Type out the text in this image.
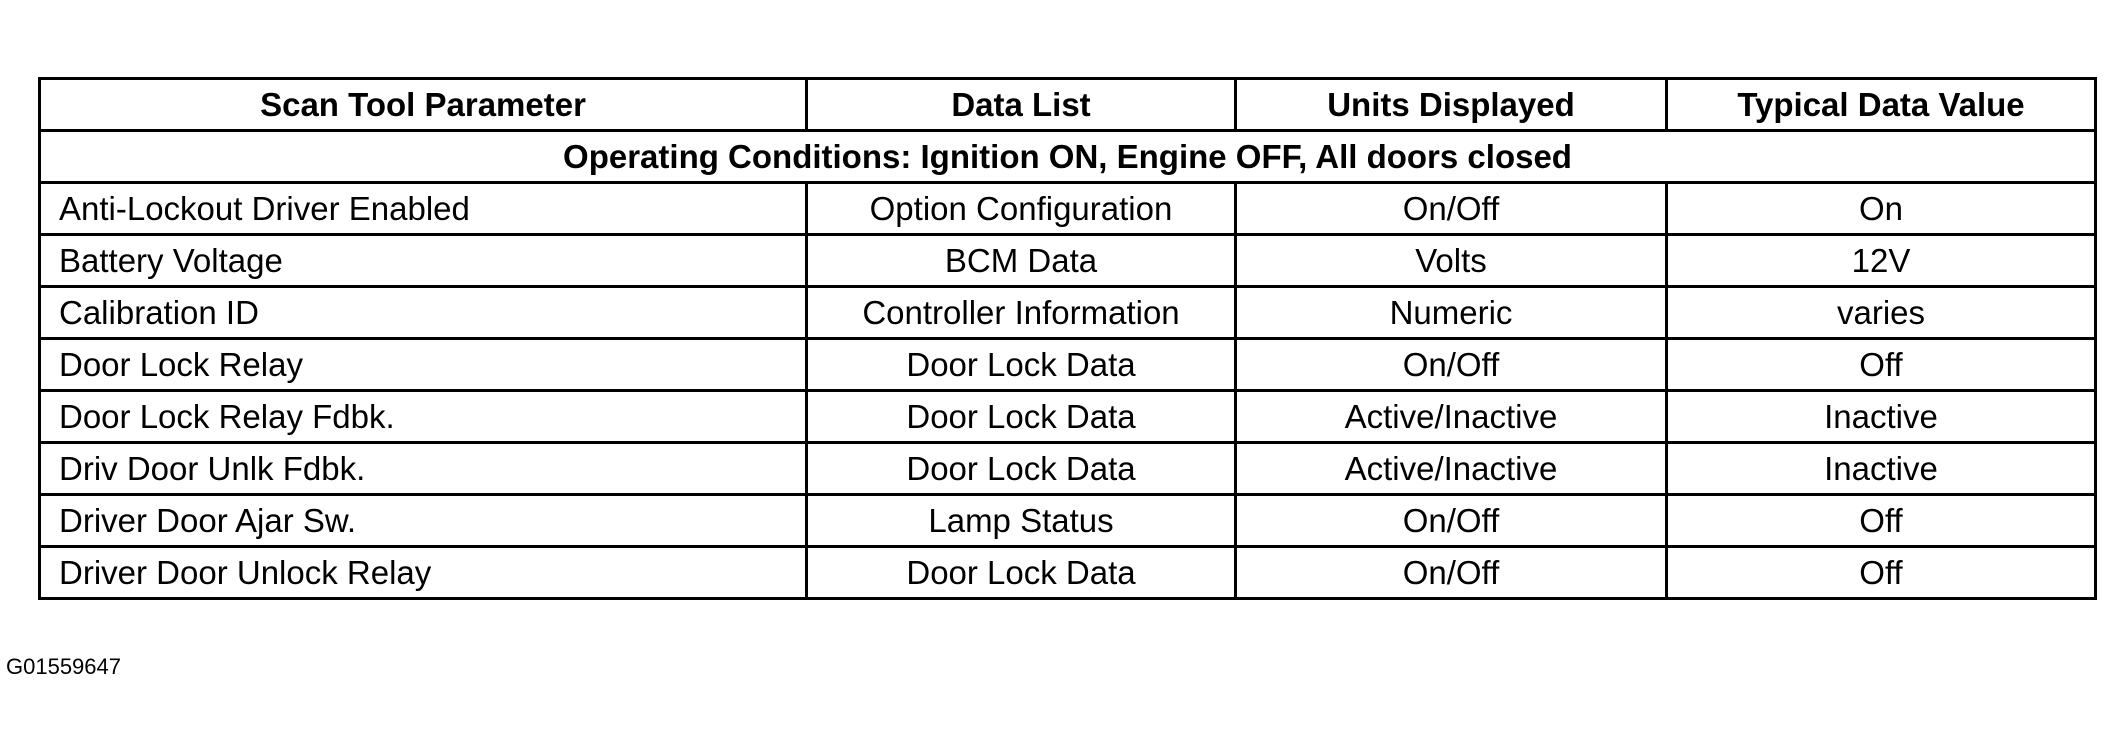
Scan Tool Parameter	Data List	Units Displayed	Typical Data Value
Operating Conditions: Ignition ON, Engine OFF, All doors closed			
Anti-Lockout Driver Enabled	Option Configuration	On/Off	On
Battery Voltage	BCM Data	Volts	12V
Calibration ID	Controller Information	Numeric	varies
Door Lock Relay	Door Lock Data	On/Off	Off
Door Lock Relay Fdbk.	Door Lock Data	Active/Inactive	Inactive
Driv Door Unlk Fdbk.	Door Lock Data	Active/Inactive	Inactive
Driver Door Ajar Sw.	Lamp Status	On/Off	Off
Driver Door Unlock Relay	Door Lock Data	On/Off	Off
G01559647
